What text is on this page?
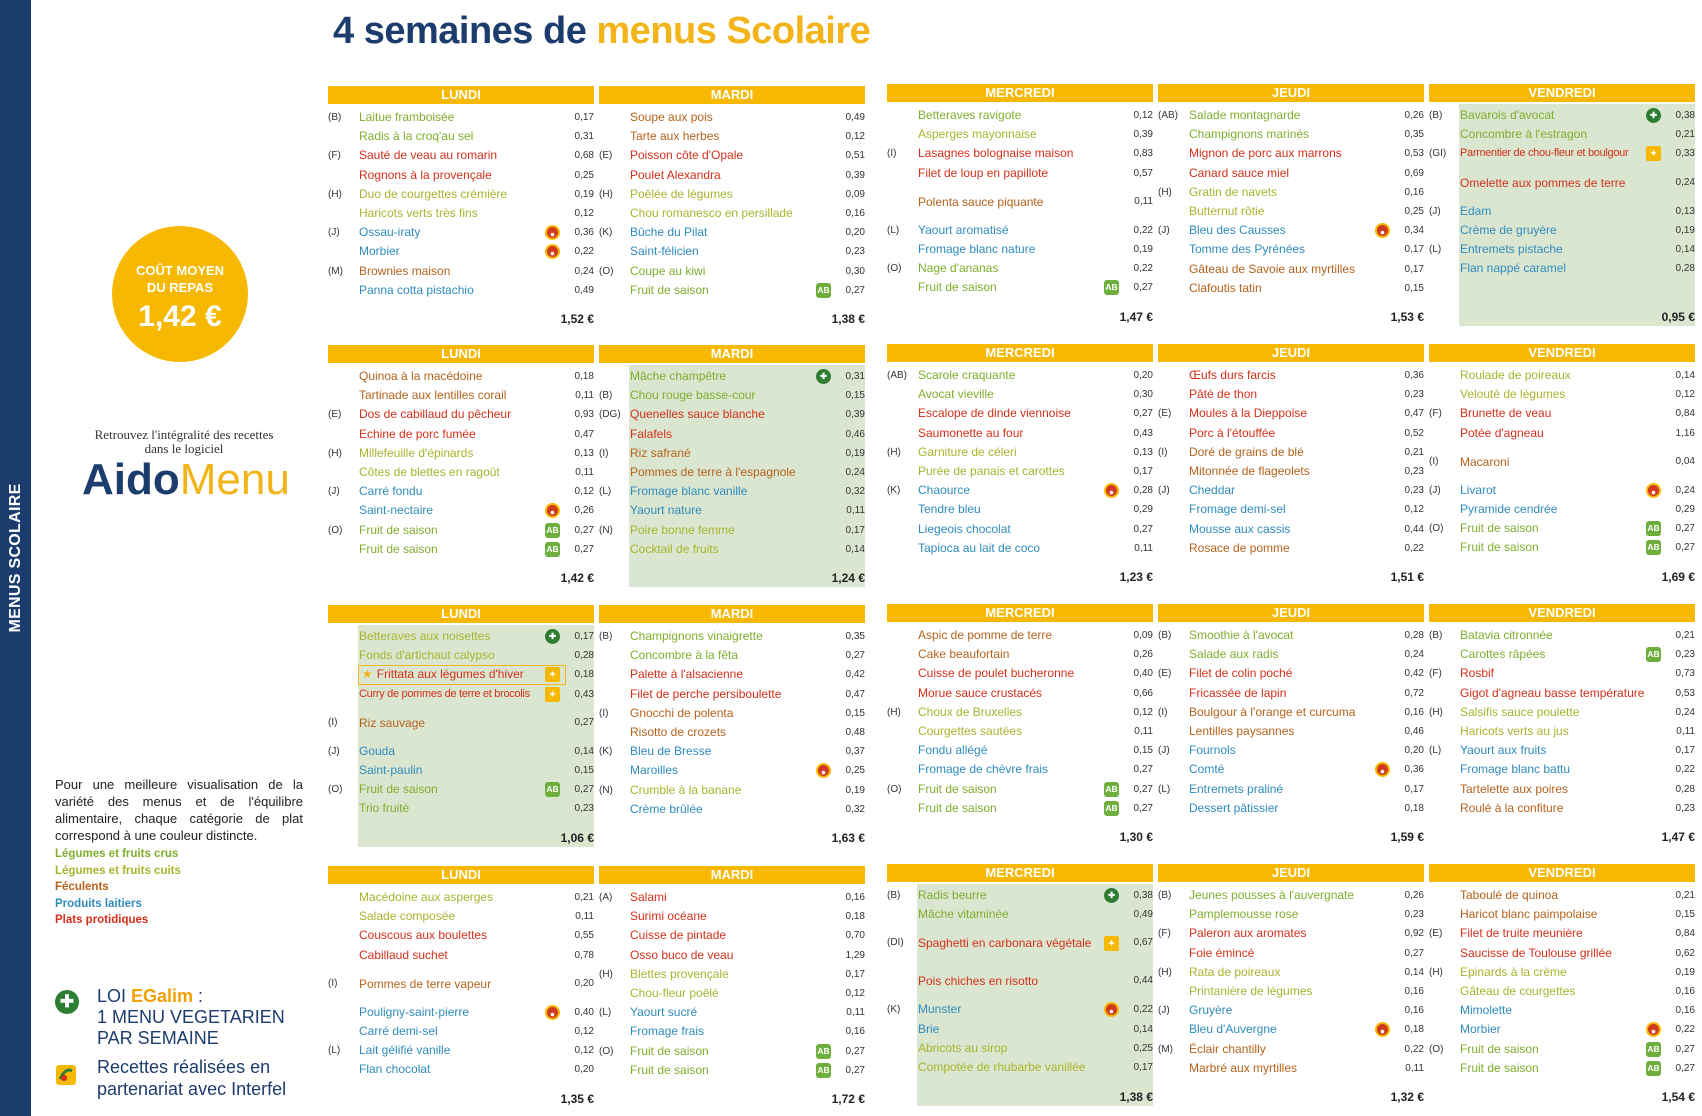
MENUS SCOLAIRE
4 semaines de menus Scolaire
COÛT MOYEN
DU REPAS
1,42 €
Retrouvez l'intégralité des recettes dans le logiciel
AidoMenu
Pour une meilleure visualisation de la variété des menus et de l'équilibre alimentaire, chaque catégorie de plat correspond à une couleur distincte.
Légumes et fruits crus
Légumes et fruits cuits
Féculents
Produits laitiers
Plats protidiques
✚ LOI EGalim :
1 MENU VEGETARIEN
PAR SEMAINE
Recettes réalisées en
partenariat avec Interfel
LUNDI
(B)	Laitue framboisée	0,17
Radis à la croq'au sel	0,31
(F)	Sauté de veau au romarin	0,68
Rognons à la provençale	0,25
(H)	Duo de courgettes crémière	0,19
Haricots verts très fins	0,12
(J)	Ossau-iraty	●	0,36
Morbier	●	0,22
(M)	Brownies maison	0,24
Panna cotta pistachio	0,49
1,52 €
MARDI
Soupe aux pois	0,49
Tarte aux herbes	0,12
(E)	Poisson côte d'Opale	0,51
Poulet Alexandra	0,39
(H)	Poêlée de légumes	0,09
Chou romanesco en persillade	0,16
(K)	Bûche du Pilat	0,20
Saint-félicien	0,23
(O)	Coupe au kiwi	0,30
Fruit de saison	AB	0,27
1,38 €
MERCREDI
Betteraves ravigote	0,12
Asperges mayonnaise	0,39
(I)	Lasagnes bolognaise maison	0,83
Filet de loup en papillote	0,57
Polenta sauce piquante	0,11
(L)	Yaourt aromatisé	0,22
Fromage blanc nature	0,19
(O)	Nage d'ananas	0,22
Fruit de saison	AB	0,27
1,47 €
JEUDI
(AB) Salade montagnarde	0,26
Champignons marinés	0,35
Mignon de porc aux marrons	0,53
Canard sauce miel	0,69
(H)	Gratin de navets	0,16
Butternut rôtie	0,25
(J)	Bleu des Causses	●	0,34
Tomme des Pyrénées	0,17
Gâteau de Savoie aux myrtilles	0,17
Clafoutis tatin	0,15
1,53 €
VENDREDI
(B)	Bavarois d'avocat	✚	0,38
Concombre à l'estragon	0,21
(GI)	Parmentier de chou-fleur et boulgour	✦	0,33
Omelette aux pommes de terre	0,24
(J)	Edam	0,13
Crème de gruyère	0,19
(L)	Entremets pistache	0,14
Flan nappé caramel	0,28
0,95 €
LUNDI
Quinoa à la macédoine	0,18
Tartinade aux lentilles corail	0,11
(E)	Dos de cabillaud du pêcheur	0,93
Echine de porc fumée	0,47
(H)	Millefeuille d'épinards	0,13
Côtes de blettes en ragoût	0,11
(J)	Carré fondu	0,12
Saint-nectaire	●	0,26
(O)	Fruit de saison	AB	0,27
Fruit de saison	AB	0,27
1,42 €
MARDI
Mâche champêtre	✚	0,31
(B)	Chou rouge basse-cour	0,15
(DG) Quenelles sauce blanche	0,39
Falafels	0,46
(I)	Riz safrané	0,19
Pommes de terre à l'espagnole	0,24
(L)	Fromage blanc vanille	0,32
Yaourt nature	0,11
(N)	Poire bonne femme	0,17
Cocktail de fruits	0,14
1,24 €
MERCREDI
(AB) Scarole craquante	0,20
Avocat vieville	0,30
Escalope de dinde viennoise	0,27
Saumonette au four	0,43
(H)	Garniture de céleri	0,13
Purée de panais et carottes	0,17
(K)	Chaource	●	0,28
Tendre bleu	0,29
Liegeois chocolat	0,27
Tapioca au lait de coco	0,11
1,23 €
JEUDI
Œufs durs farcis	0,36
Pâté de thon	0,23
(E)	Moules à la Dieppoise	0,47
Porc à l'étouffée	0,52
(I)	Doré de grains de blé	0,21
Mitonnée de flageolets	0,23
(J)	Cheddar	0,23
Fromage demi-sel	0,12
Mousse aux cassis	0,44
Rosace de pomme	0,22
1,51 €
VENDREDI
Roulade de poireaux	0,14
Velouté de légumes	0,12
(F)	Brunette de veau	0,84
Potée d'agneau	1,16
(I)	Macaroni	0,04
(J)	Livarot	●	0,24
Pyramide cendrée	0,29
(O)	Fruit de saison	AB	0,27
Fruit de saison	AB	0,27
1,69 €
LUNDI
Betteraves aux noisettes	✚	0,17
Fonds d'artichaut calypso	0,28
★ Frittata aux légumes d'hiver	✦	0,18
Curry de pommes de terre et brocolis	✦	0,43
(I)	Riz sauvage	0,27
(J)	Gouda	0,14
Saint-paulin	0,15
(O)	Fruit de saison	AB	0,27
Trio fruité	0,23
1,06 €
MARDI
(B)	Champignons vinaigrette	0,35
Concombre à la fêta	0,27
Palette à l'alsacienne	0,42
Filet de perche persiboulette	0,47
(I)	Gnocchi de polenta	0,15
Risotto de crozets	0,48
(K)	Bleu de Bresse	0,37
Maroilles	●	0,25
(N)	Crumble à la banane	0,19
Crème brûlée	0,32
1,63 €
MERCREDI
Aspic de pomme de terre	0,09
Cake beaufortain	0,26
Cuisse de poulet bucheronne	0,40
Morue sauce crustacés	0,66
(H)	Choux de Bruxelles	0,12
Courgettes sautées	0,11
Fondu allégé	0,15
Fromage de chèvre frais	0,27
(O)	Fruit de saison	AB	0,27
Fruit de saison	AB	0,27
1,30 €
JEUDI
(B)	Smoothie à l'avocat	0,28
Salade aux radis	0,24
(E)	Filet de colin poché	0,42
Fricassée de lapin	0,72
(I)	Boulgour à l'orange et curcuma	0,16
Lentilles paysannes	0,46
(J)	Fournols	0,20
Comté	●	0,36
(L)	Entremets praliné	0,17
Dessert pâtissier	0,18
1,59 €
VENDREDI
(B)	Batavia citronnée	0,21
Carottes râpées	AB	0,23
(F)	Rosbif	0,73
Gigot d'agneau basse température	0,53
(H)	Salsifis sauce poulette	0,24
Haricots verts au jus	0,11
(L)	Yaourt aux fruits	0,17
Fromage blanc battu	0,22
Tartelette aux poires	0,28
Roulé à la confiture	0,23
1,47 €
LUNDI
Macédoine aux asperges	0,21
Salade composée	0,11
Couscous aux boulettes	0,55
Cabillaud suchet	0,78
(I)	Pommes de terre vapeur	0,20
Pouligny-saint-pierre	●	0,40
Carré demi-sel	0,12
(L)	Lait gélifié vanille	0,12
Flan chocolat	0,20
1,35 €
MARDI
(A)	Salami	0,16
Surimi océane	0,18
Cuisse de pintade	0,70
Osso buco de veau	1,29
(H)	Blettes provençale	0,17
Chou-fleur poêlé	0,12
(L)	Yaourt sucré	0,11
Fromage frais	0,16
(O)	Fruit de saison	AB	0,27
Fruit de saison	AB	0,27
1,72 €
MERCREDI
(B)	Radis beurre	✚	0,38
Mâche vitaminée	0,49
(DI)	Spaghetti en carbonara végétale	✦	0,67
Pois chiches en risotto	0,44
(K)	Munster	●	0,22
Brie	0,14
Abricots au sirop	0,25
Compotée de rhubarbe vanillée	0,17
1,38 €
JEUDI
(B)	Jeunes pousses à l'auvergnate	0,26
Pamplemousse rose	0,23
(F)	Paleron aux aromates	0,92
Foie émincé	0,27
(H)	Rata de poireaux	0,14
Printanière de légumes	0,16
(J)	Gruyère	0,16
Bleu d'Auvergne	●	0,18
(M)	Éclair chantilly	0,22
Marbré aux myrtilles	0,11
1,32 €
VENDREDI
Taboulé de quinoa	0,21
Haricot blanc paimpolaise	0,15
(E)	Filet de truite meunière	0,84
Saucisse de Toulouse grillée	0,62
(H)	Epinards à la crème	0,19
Gâteau de courgettes	0,16
Mimolette	0,16
Morbier	●	0,22
(O)	Fruit de saison	AB	0,27
Fruit de saison	AB	0,27
1,54 €
